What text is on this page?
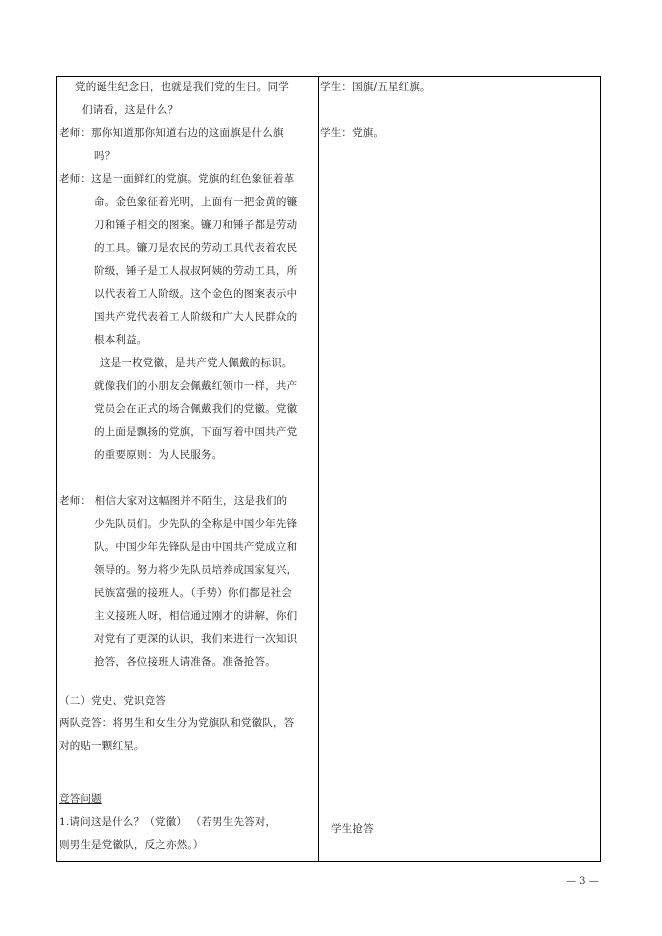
党的诞生纪念日，也就是我们党的生日。同学
们请看，这是什么？
老师：那你知道那你知道右边的这面旗是什么旗
吗？
老师：这是一面鲜红的党旗。党旗的红色象征着革
命。金色象征着光明，上面有一把金黄的镰
刀和锤子相交的图案。镰刀和锤子都是劳动
的工具。镰刀是农民的劳动工具代表着农民
阶级，锤子是工人叔叔阿姨的劳动工具，所
以代表着工人阶级。这个金色的图案表示中
国共产党代表着工人阶级和广大人民群众的
根本利益。
这是一枚党徽，是共产党人佩戴的标识。
就像我们的小朋友会佩戴红领巾一样，共产
党员会在正式的场合佩戴我们的党徽。党徽
的上面是飘扬的党旗，下面写着中国共产党
的重要原则：为人民服务。
老师： 相信大家对这幅图并不陌生，这是我们的
少先队员们。少先队的全称是中国少年先锋
队。中国少年先锋队是由中国共产党成立和
领导的。努力将少先队员培养成国家复兴，
民族富强的接班人。（手势）你们都是社会
主义接班人呀，相信通过刚才的讲解，你们
对党有了更深的认识，我们来进行一次知识
抢答，各位接班人请准备。准备抢答。
（二）党史、党识竞答
两队竞答：将男生和女生分为党旗队和党徽队，答
对的贴一颗红星。
竞答问题
1.请问这是什么？（党徽） （若男生先答对，
则男生是党徽队，反之亦然。）
学生：国旗/五星红旗。
学生：党旗。
学生抢答
— 3 —
